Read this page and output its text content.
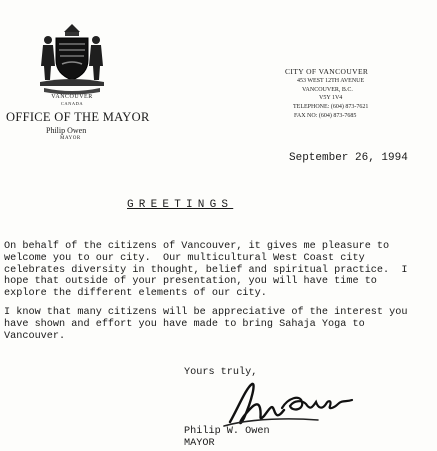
VANCOUVER
CANADA
OFFICE OF THE MAYOR
Philip Owen
MAYOR
CITY OF VANCOUVER
453 WEST 12TH AVENUE
VANCOUVER, B.C.
V5Y 1V4
TELEPHONE: (604) 873-7621
FAX NO: (604) 873-7685
September 26, 1994
GREETINGS
On behalf of the citizens of Vancouver, it gives me pleasure to
welcome you to our city.  Our multicultural West Coast city
celebrates diversity in thought, belief and spiritual practice.  I
hope that outside of your presentation, you will have time to
explore the different elements of our city.
I know that many citizens will be appreciative of the interest you
have shown and effort you have made to bring Sahaja Yoga to
Vancouver.
Yours truly,
Philip W. Owen
MAYOR
